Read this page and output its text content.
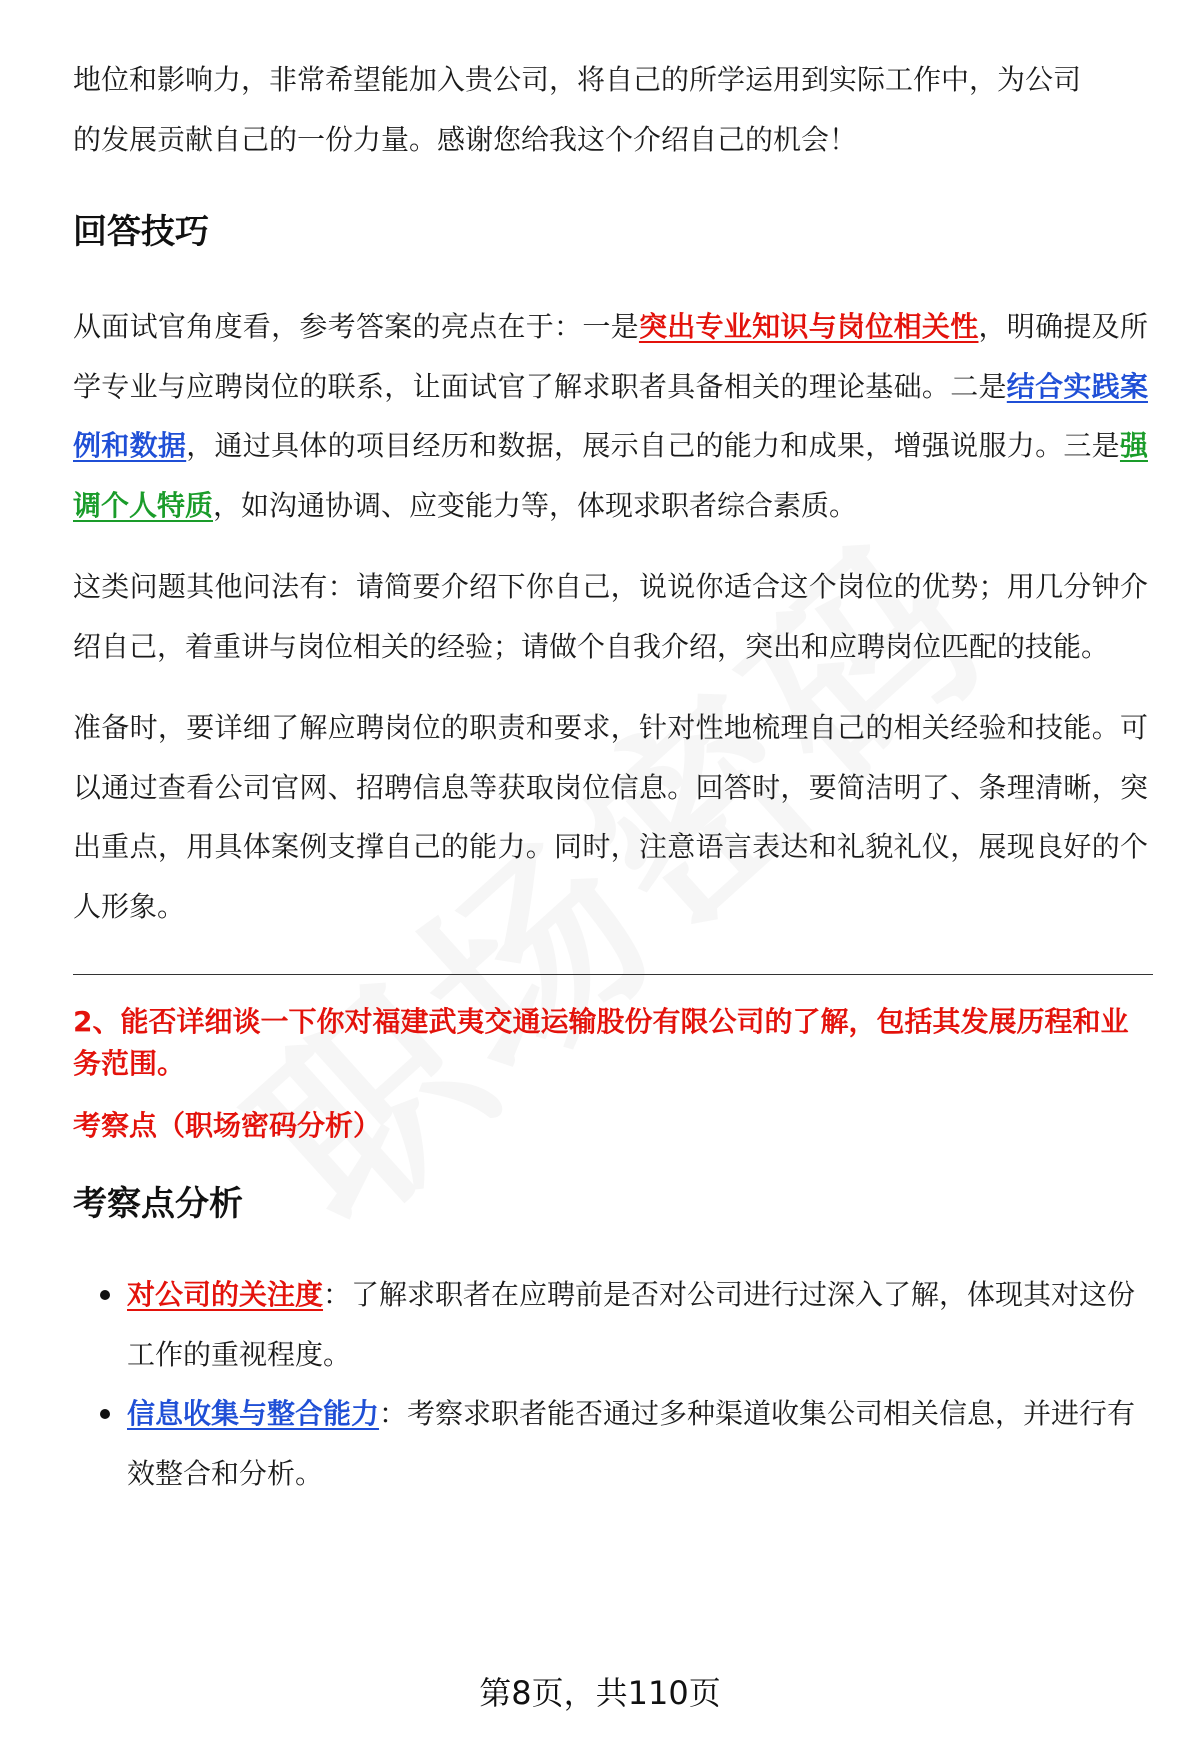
地位和影响力，非常希望能加入贵公司，将自己的所学运用到实际工作中，为公司
的发展贡献自己的一份力量。感谢您给我这个介绍自己的机会！

回答技巧

从面试官角度看，参考答案的亮点在于：一是突出专业知识与岗位相关性，明确提及所学专业与应聘岗位的联系，让面试官了解求职者具备相关的理论基础。二是结合实践案例和数据，通过具体的项目经历和数据，展示自己的能力和成果，增强说服力。三是强调个人特质，如沟通协调、应变能力等，体现求职者综合素质。

这类问题其他问法有：请简要介绍下你自己，说说你适合这个岗位的优势；用几分钟介绍自己，着重讲与岗位相关的经验；请做个自我介绍，突出和应聘岗位匹配的技能。

准备时，要详细了解应聘岗位的职责和要求，针对性地梳理自己的相关经验和技能。可以通过查看公司官网、招聘信息等获取岗位信息。回答时，要简洁明了、条理清晰，突出重点，用具体案例支撑自己的能力。同时，注意语言表达和礼貌礼仪，展现良好的个人形象。

2、能否详细谈一下你对福建武夷交通运输股份有限公司的了解，包括其发展历程和业务范围。

考察点（职场密码分析）

考察点分析
对公司的关注度：了解求职者在应聘前是否对公司进行过深入了解，体现其对这份工作的重视程度。
信息收集与整合能力：考察求职者能否通过多种渠道收集公司相关信息，并进行有效整合和分析。
第8页，共110页
